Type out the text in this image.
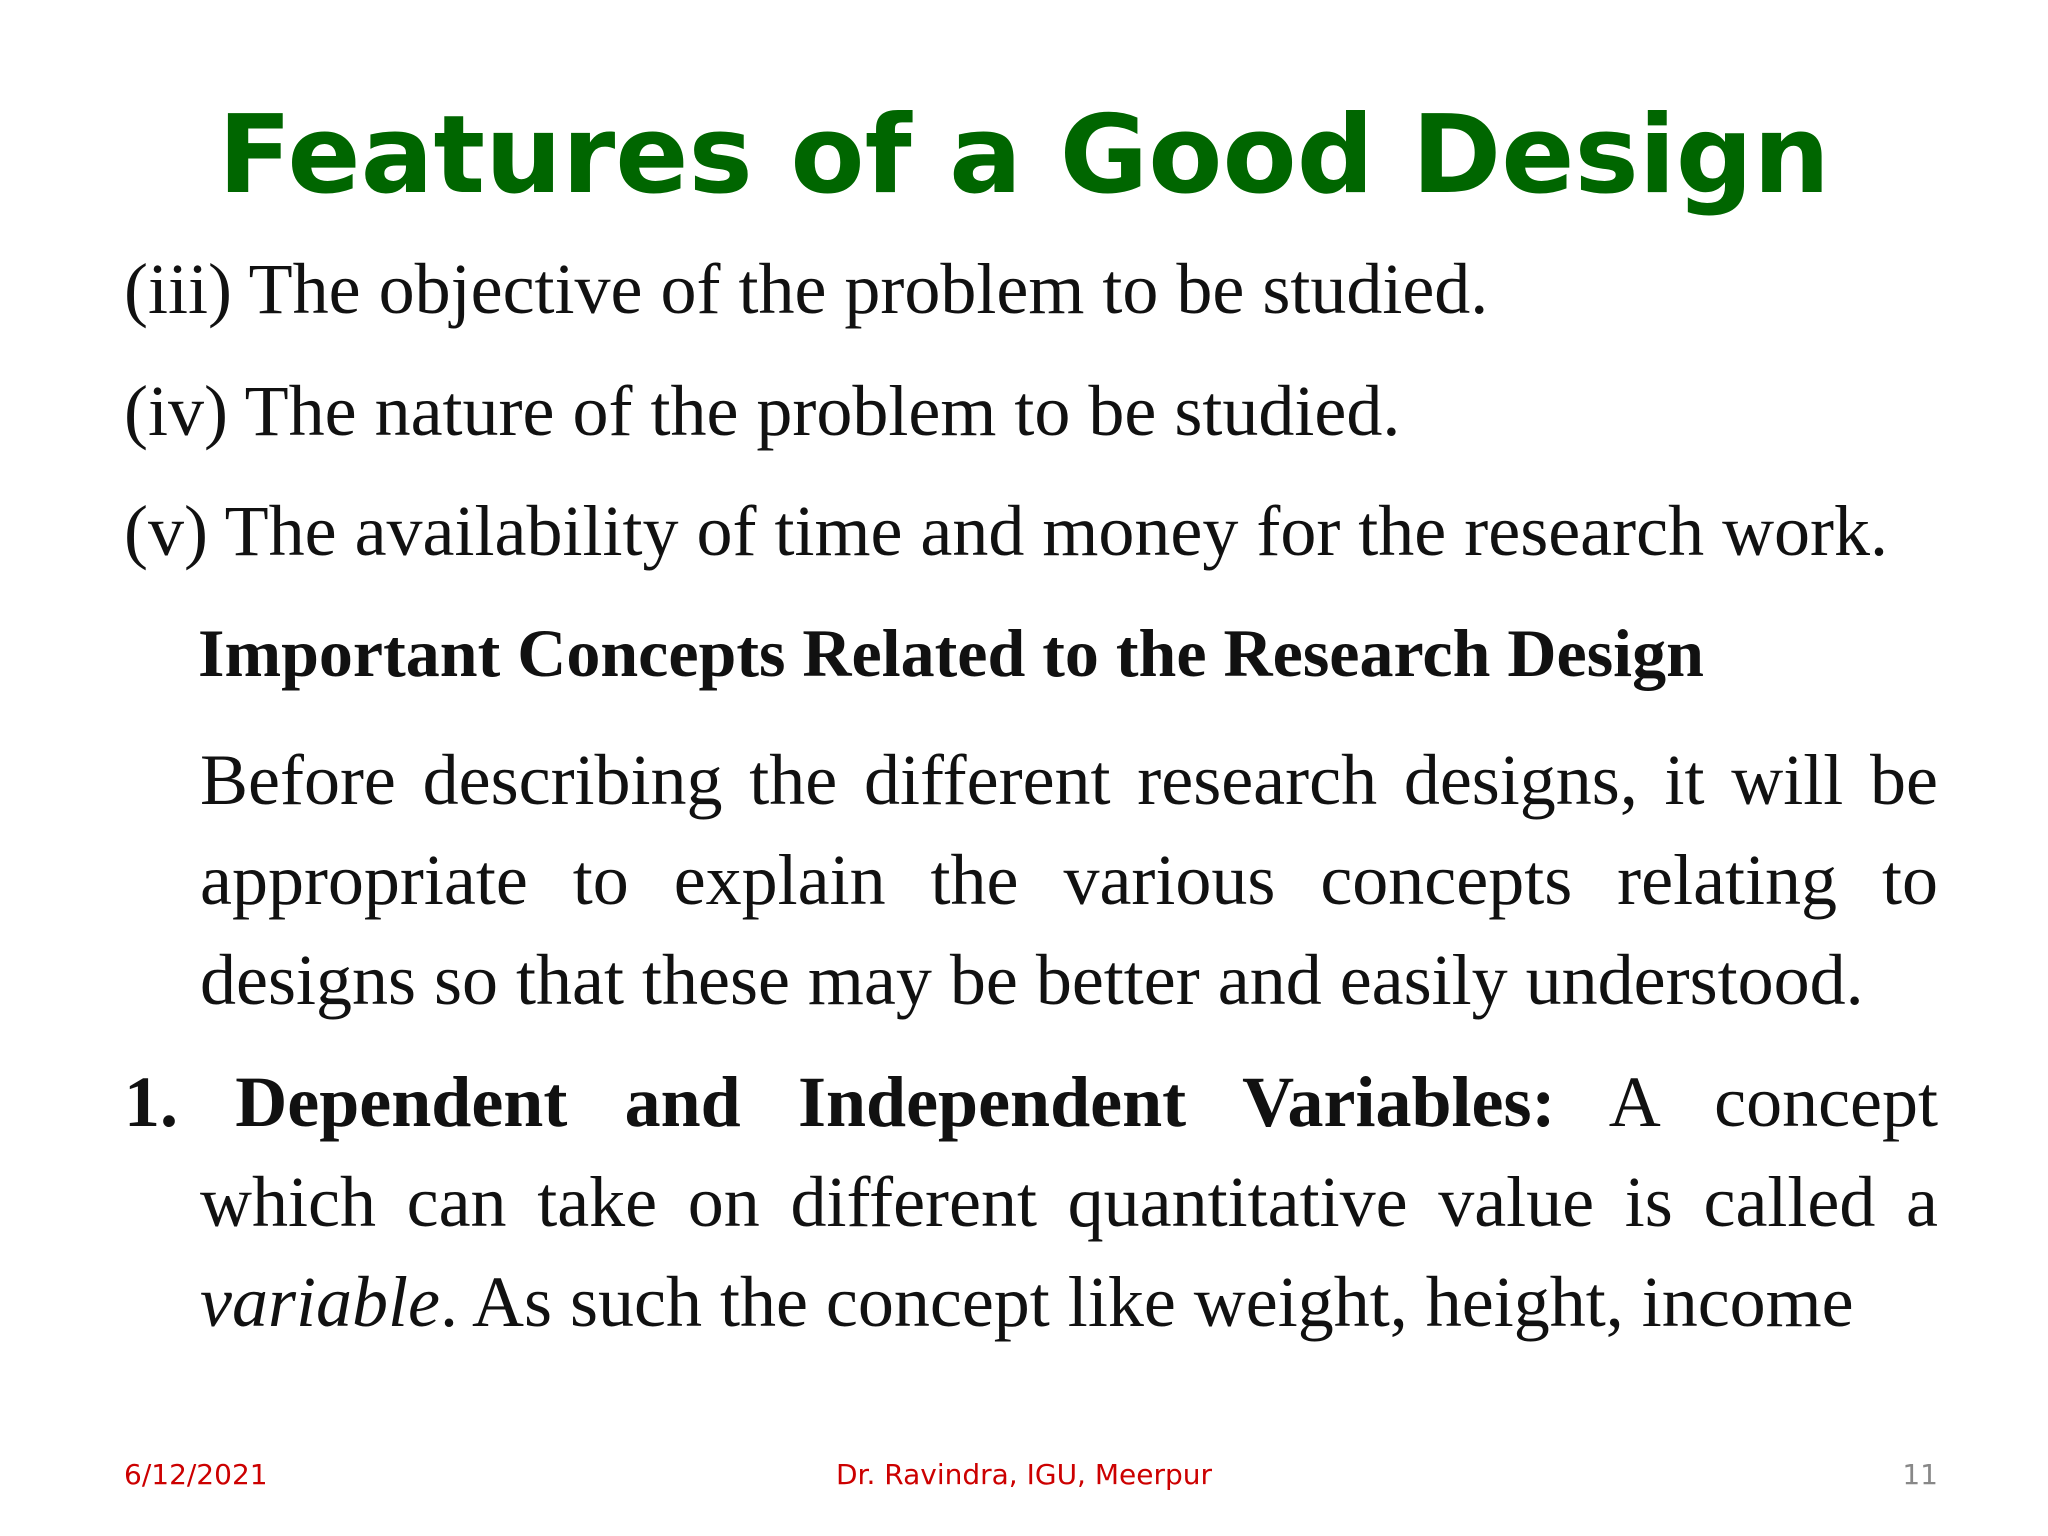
Features of a Good Design

(iii) The objective of the problem to be studied.

(iv) The nature of the problem to be studied.

(v) The availability of time and money for the research work.

Important Concepts Related to the Research Design

Before describing the different research designs, it will be appropriate to explain the various concepts relating to designs so that these may be better and easily understood.

1. Dependent and Independent Variables: A concept
which can take on different quantitative value is called a
variable. As such the concept like weight, height, income
6/12/2021	Dr. Ravindra, IGU, Meerpur	11
